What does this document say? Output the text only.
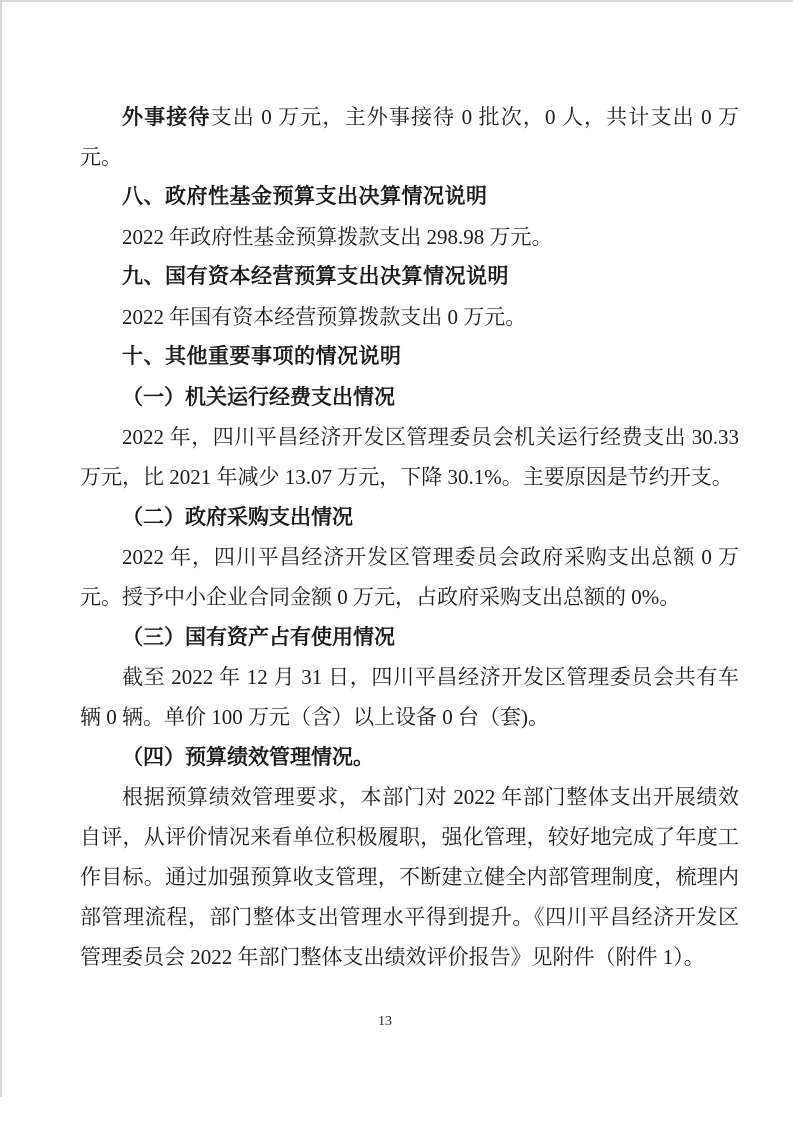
外事接待支出 0 万元，主外事接待 0 批次，0 人，共计支出 0 万元。

八、政府性基金预算支出决算情况说明

2022 年政府性基金预算拨款支出 298.98 万元。

九、国有资本经营预算支出决算情况说明

2022 年国有资本经营预算拨款支出 0 万元。

十、其他重要事项的情况说明

（一）机关运行经费支出情况

2022 年，四川平昌经济开发区管理委员会机关运行经费支出 30.33 万元，比 2021 年减少 13.07 万元，下降 30.1%。主要原因是节约开支。

（二）政府采购支出情况

2022 年，四川平昌经济开发区管理委员会政府采购支出总额 0 万元。授予中小企业合同金额 0 万元，占政府采购支出总额的 0%。

（三）国有资产占有使用情况

截至 2022 年 12 月 31 日，四川平昌经济开发区管理委员会共有车辆 0 辆。单价 100 万元（含）以上设备 0 台（套)。

（四）预算绩效管理情况。

根据预算绩效管理要求，本部门对 2022 年部门整体支出开展绩效自评，从评价情况来看单位积极履职，强化管理，较好地完成了年度工作目标。通过加强预算收支管理，不断建立健全内部管理制度，梳理内部管理流程，部门整体支出管理水平得到提升。《四川平昌经济开发区管理委员会 2022 年部门整体支出绩效评价报告》见附件（附件 1）。

13
